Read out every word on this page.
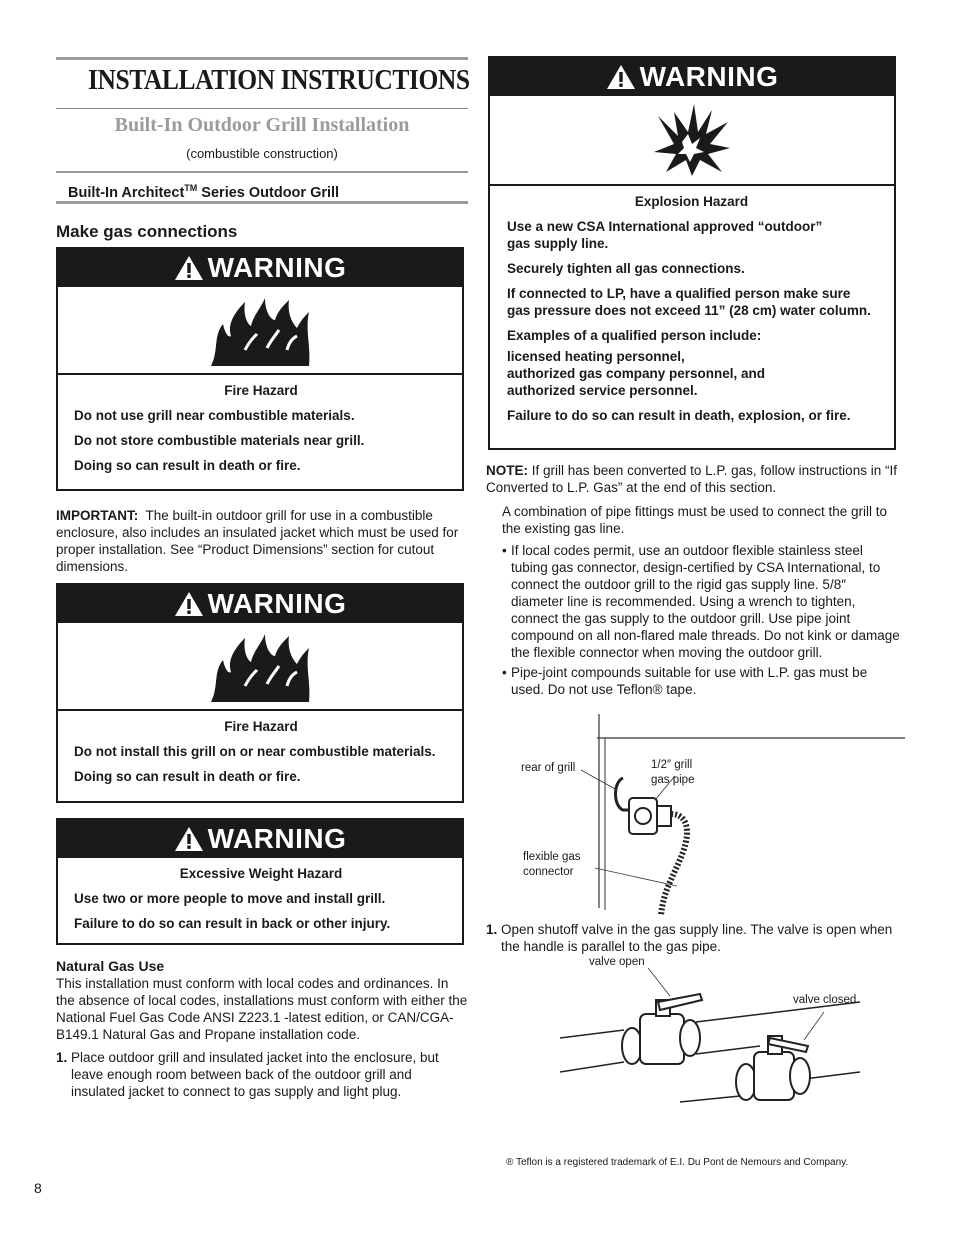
INSTALLATION INSTRUCTIONS
Built-In Outdoor Grill Installation
(combustible construction)
Built-In Architect™ Series Outdoor Grill
Make gas connections
WARNING
Fire Hazard

Do not use grill near combustible materials.

Do not store combustible materials near grill.

Doing so can result in death or fire.

IMPORTANT: The built-in outdoor grill for use in a combustible enclosure, also includes an insulated jacket which must be used for proper installation. See “Product Dimensions” section for cutout dimensions.
WARNING
Fire Hazard

Do not install this grill on or near combustible materials.

Doing so can result in death or fire.

WARNING
Excessive Weight Hazard

Use two or more people to move and install grill.

Failure to do so can result in back or other injury.

Natural Gas Use
This installation must conform with local codes and ordinances. In the absence of local codes, installations must conform with either the National Fuel Gas Code ANSI Z223.1 -latest edition, or CAN/CGA-B149.1 Natural Gas and Propane installation code.
1. Place outdoor grill and insulated jacket into the enclosure, but leave enough room between back of the outdoor grill and insulated jacket to connect to gas supply and light plug.
8
WARNING
Explosion Hazard

Use a new CSA International approved “outdoor” gas supply line.

Securely tighten all gas connections.

If connected to LP, have a qualified person make sure gas pressure does not exceed 11” (28 cm) water column.

Examples of a qualified person include:

licensed heating personnel,

authorized gas company personnel, and

authorized service personnel.

Failure to do so can result in death, explosion, or fire.

NOTE: If grill has been converted to L.P. gas, follow instructions in “If Converted to L.P. Gas” at the end of this section.
A combination of pipe fittings must be used to connect the grill to the existing gas line.
• If local codes permit, use an outdoor flexible stainless steel tubing gas connector, design-certified by CSA International, to connect the outdoor grill to the rigid gas supply line. 5/8″ diameter line is recommended. Using a wrench to tighten, connect the gas supply to the outdoor grill. Use pipe joint compound on all non-flared male threads. Do not kink or damage the flexible connector when moving the outdoor grill.
• Pipe-joint compounds suitable for use with L.P. gas must be used. Do not use Teflon® tape.
rear of grill	1/2″ grill
gas pipe
flexible gas
connector
1. Open shutoff valve in the gas supply line. The valve is open when the handle is parallel to the gas pipe.
valve open
valve closed
® Teflon is a registered trademark of E.I. Du Pont de Nemours and Company.
